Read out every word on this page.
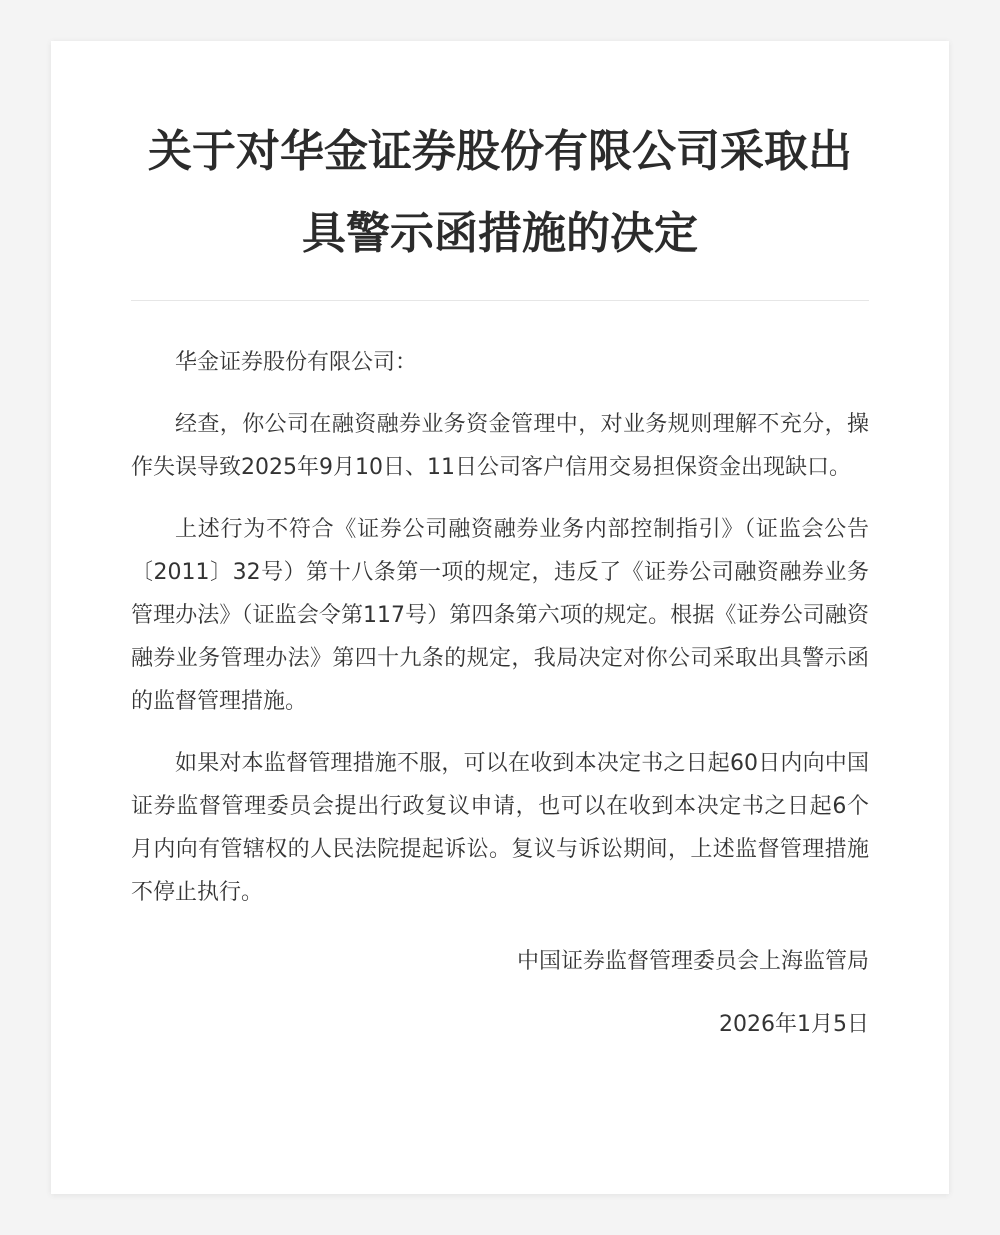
关于对华金证券股份有限公司采取出具警示函措施的决定

华金证券股份有限公司：

经查，你公司在融资融券业务资金管理中，对业务规则理解不充分，操作失误导致2025年9月10日、11日公司客户信用交易担保资金出现缺口。

上述行为不符合《证券公司融资融券业务内部控制指引》（证监会公告〔2011〕32号）第十八条第一项的规定，违反了《证券公司融资融券业务管理办法》（证监会令第117号）第四条第六项的规定。根据《证券公司融资融券业务管理办法》第四十九条的规定，我局决定对你公司采取出具警示函的监督管理措施。

如果对本监督管理措施不服，可以在收到本决定书之日起60日内向中国证券监督管理委员会提出行政复议申请，也可以在收到本决定书之日起6个月内向有管辖权的人民法院提起诉讼。复议与诉讼期间，上述监督管理措施不停止执行。

中国证券监督管理委员会上海监管局
2026年1月5日
